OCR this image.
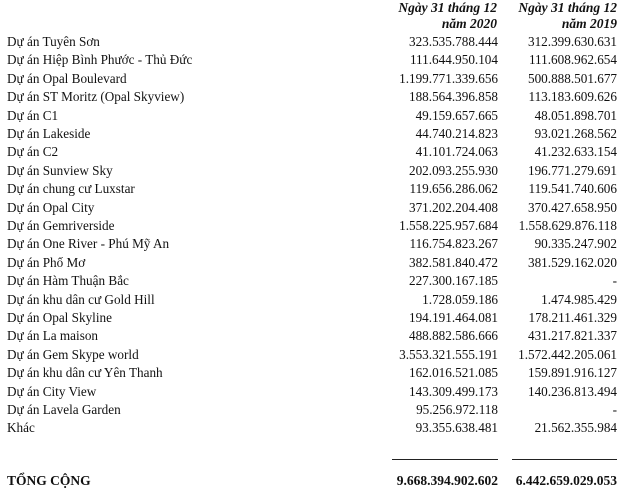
Ngày 31 tháng 12
năm 2020
Ngày 31 tháng 12
năm 2019
Dự án Tuyên Sơn	323.535.788.444	312.399.630.631
Dự án Hiệp Bình Phước - Thủ Đức	111.644.950.104	111.608.962.654
Dự án Opal Boulevard	1.199.771.339.656	500.888.501.677
Dự án ST Moritz (Opal Skyview)	188.564.396.858	113.183.609.626
Dự án C1	49.159.657.665	48.051.898.701
Dự án Lakeside	44.740.214.823	93.021.268.562
Dự án C2	41.101.724.063	41.232.633.154
Dự án Sunview Sky	202.093.255.930	196.771.279.691
Dự án chung cư Luxstar	119.656.286.062	119.541.740.606
Dự án Opal City	371.202.204.408	370.427.658.950
Dự án Gemriverside	1.558.225.957.684	1.558.629.876.118
Dự án One River - Phú Mỹ An	116.754.823.267	90.335.247.902
Dự án Phố Mơ	382.581.840.472	381.529.162.020
Dự án Hàm Thuận Bắc	227.300.167.185	-
Dự án khu dân cư Gold Hill	1.728.059.186	1.474.985.429
Dự án Opal Skyline	194.191.464.081	178.211.461.329
Dự án La maison	488.882.586.666	431.217.821.337
Dự án Gem Skype world	3.553.321.555.191	1.572.442.205.061
Dự án khu dân cư Yên Thanh	162.016.521.085	159.891.916.127
Dự án City View	143.309.499.173	140.236.813.494
Dự án Lavela Garden	95.256.972.118	-
Khác	93.355.638.481	21.562.355.984
TỔNG CỘNG	9.668.394.902.602	6.442.659.029.053
